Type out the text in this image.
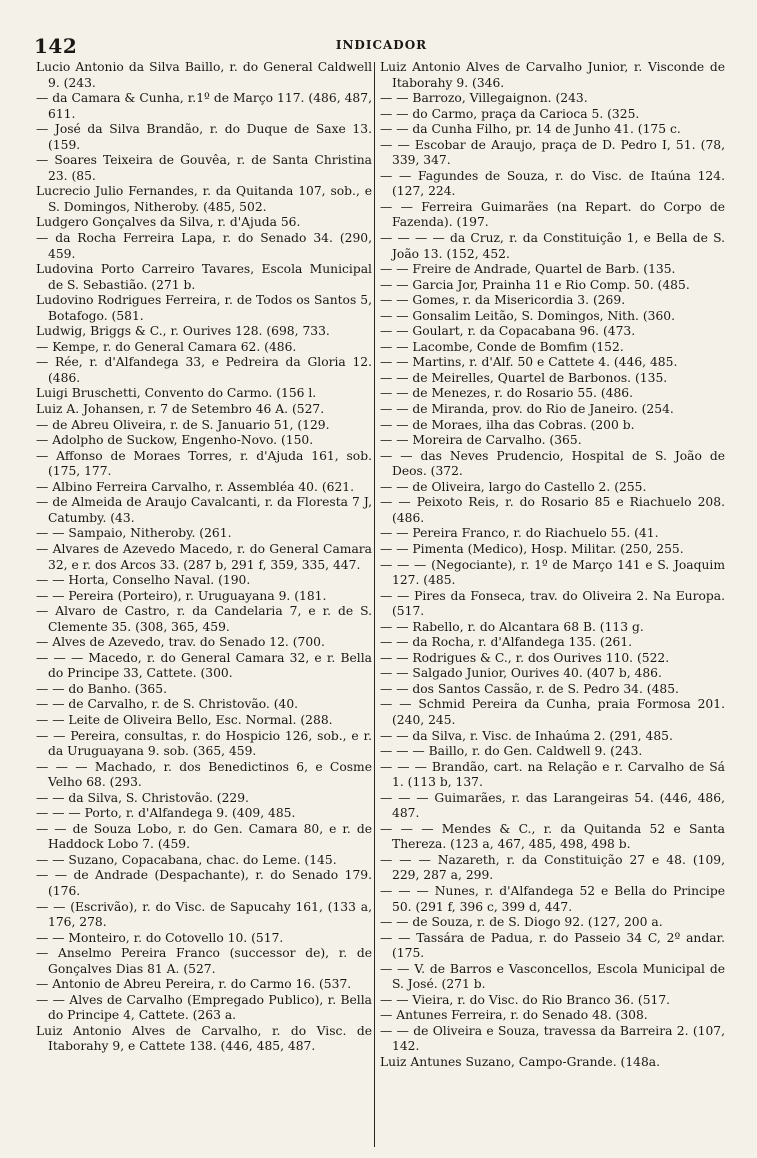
142	INDICADOR

Lucio Antonio da Silva Baillo, r. do General Caldwell 9. (243.

— da Camara & Cunha, r.1º de Março 117. (486, 487, 611.

— José da Silva Brandão, r. do Duque de Saxe 13. (159.

— Soares Teixeira de Gouvêa, r. de Santa Christina 23. (85.

Lucrecio Julio Fernandes, r. da Quitanda 107, sob., e S. Domingos, Nitheroby. (485, 502.

Ludgero Gonçalves da Silva, r. d'Ajuda 56.

— da Rocha Ferreira Lapa, r. do Senado 34. (290, 459.

Ludovina Porto Carreiro Tavares, Escola Municipal de S. Sebastião. (271 b.

Ludovino Rodrigues Ferreira, r. de Todos os Santos 5, Botafogo. (581.

Ludwig, Briggs & C., r. Ourives 128. (698, 733.

— Kempe, r. do General Camara 62. (486.

— Rée, r. d'Alfandega 33, e Pedreira da Gloria 12. (486.

Luigi Bruschetti, Convento do Carmo. (156 l.

Luiz A. Johansen, r. 7 de Setembro 46 A. (527.

— de Abreu Oliveira, r. de S. Januario 51, (129.

— Adolpho de Suckow, Engenho-Novo. (150.

— Affonso de Moraes Torres, r. d'Ajuda 161, sob. (175, 177.

— Albino Ferreira Carvalho, r. Assembléa 40. (621.

— de Almeida de Araujo Cavalcanti, r. da Floresta 7 J, Catumby. (43.

— — Sampaio, Nitheroby. (261.

— Alvares de Azevedo Macedo, r. do General Camara 32, e r. dos Arcos 33. (287 b, 291 f, 359, 335, 447.

— — Horta, Conselho Naval. (190.

— — Pereira (Porteiro), r. Uruguayana 9. (181.

— Alvaro de Castro, r. da Candelaria 7, e r. de S. Clemente 35. (308, 365, 459.

— Alves de Azevedo, trav. do Senado 12. (700.

— — — Macedo, r. do General Camara 32, e r. Bella do Principe 33, Cattete. (300.

— — do Banho. (365.

— — de Carvalho, r. de S. Christovão. (40.

— — Leite de Oliveira Bello, Esc. Normal. (288.

— — Pereira, consultas, r. do Hospicio 126, sob., e r. da Uruguayana 9. sob. (365, 459.

— — — Machado, r. dos Benedictinos 6, e Cosme Velho 68. (293.

— — da Silva, S. Christovão. (229.

— — — Porto, r. d'Alfandega 9. (409, 485.

— — de Souza Lobo, r. do Gen. Camara 80, e r. de Haddock Lobo 7. (459.

— — Suzano, Copacabana, chac. do Leme. (145.

— — de Andrade (Despachante), r. do Senado 179. (176.

— — (Escrivão), r. do Visc. de Sapucahy 161, (133 a, 176, 278.

— — Monteiro, r. do Cotovello 10. (517.

— Anselmo Pereira Franco (successor de), r. de Gonçalves Dias 81 A. (527.

— Antonio de Abreu Pereira, r. do Carmo 16. (537.

— — Alves de Carvalho (Empregado Publico), r. Bella do Principe 4, Cattete. (263 a.

Luiz Antonio Alves de Carvalho, r. do Visc. de Itaborahy 9, e Cattete 138. (446, 485, 487.

Luiz Antonio Alves de Carvalho Junior, r. Visconde de Itaborahy 9. (346.

— — Barrozo, Villegaignon. (243.

— — do Carmo, praça da Carioca 5. (325.

— — da Cunha Filho, pr. 14 de Junho 41. (175 c.

— — Escobar de Araujo, praça de D. Pedro I, 51. (78, 339, 347.

— — Fagundes de Souza, r. do Visc. de Itaúna 124. (127, 224.

— — Ferreira Guimarães (na Repart. do Corpo de Fazenda). (197.

— — — — da Cruz, r. da Constituição 1, e Bella de S. João 13. (152, 452.

— — Freire de Andrade, Quartel de Barb. (135.

— — Garcia Jor, Prainha 11 e Rio Comp. 50. (485.

— — Gomes, r. da Misericordia 3. (269.

— — Gonsalim Leitão, S. Domingos, Nith. (360.

— — Goulart, r. da Copacabana 96. (473.

— — Lacombe, Conde de Bomfim (152.

— — Martins, r. d'Alf. 50 e Cattete 4. (446, 485.

— — de Meirelles, Quartel de Barbonos. (135.

— — de Menezes, r. do Rosario 55. (486.

— — de Miranda, prov. do Rio de Janeiro. (254.

— — de Moraes, ilha das Cobras. (200 b.

— — Moreira de Carvalho. (365.

— — das Neves Prudencio, Hospital de S. João de Deos. (372.

— — de Oliveira, largo do Castello 2. (255.

— — Peixoto Reis, r. do Rosario 85 e Riachuelo 208. (486.

— — Pereira Franco, r. do Riachuelo 55. (41.

— — Pimenta (Medico), Hosp. Militar. (250, 255.

— — — (Negociante), r. 1º de Março 141 e S. Joaquim 127. (485.

— — Pires da Fonseca, trav. do Oliveira 2. Na Europa. (517.

— — Rabello, r. do Alcantara 68 B. (113 g.

— — da Rocha, r. d'Alfandega 135. (261.

— — Rodrigues & C., r. dos Ourives 110. (522.

— — Salgado Junior, Ourives 40. (407 b, 486.

— — dos Santos Cassão, r. de S. Pedro 34. (485.

— — Schmid Pereira da Cunha, praia Formosa 201. (240, 245.

— — da Silva, r. Visc. de Inhaúma 2. (291, 485.

— — — Baillo, r. do Gen. Caldwell 9. (243.

— — — Brandão, cart. na Relação e r. Carvalho de Sá 1. (113 b, 137.

— — — Guimarães, r. das Larangeiras 54. (446, 486, 487.

— — — Mendes & C., r. da Quitanda 52 e Santa Thereza. (123 a, 467, 485, 498, 498 b.

— — — Nazareth, r. da Constituição 27 e 48. (109, 229, 287 a, 299.

— — — Nunes, r. d'Alfandega 52 e Bella do Principe 50. (291 f, 396 c, 399 d, 447.

— — de Souza, r. de S. Diogo 92. (127, 200 a.

— — Tassára de Padua, r. do Passeio 34 C, 2º andar. (175.

— — V. de Barros e Vasconcellos, Escola Municipal de S. José. (271 b.

— — Vieira, r. do Visc. do Rio Branco 36. (517.

— Antunes Ferreira, r. do Senado 48. (308.

— — de Oliveira e Souza, travessa da Barreira 2. (107, 142.

Luiz Antunes Suzano, Campo-Grande. (148a.
